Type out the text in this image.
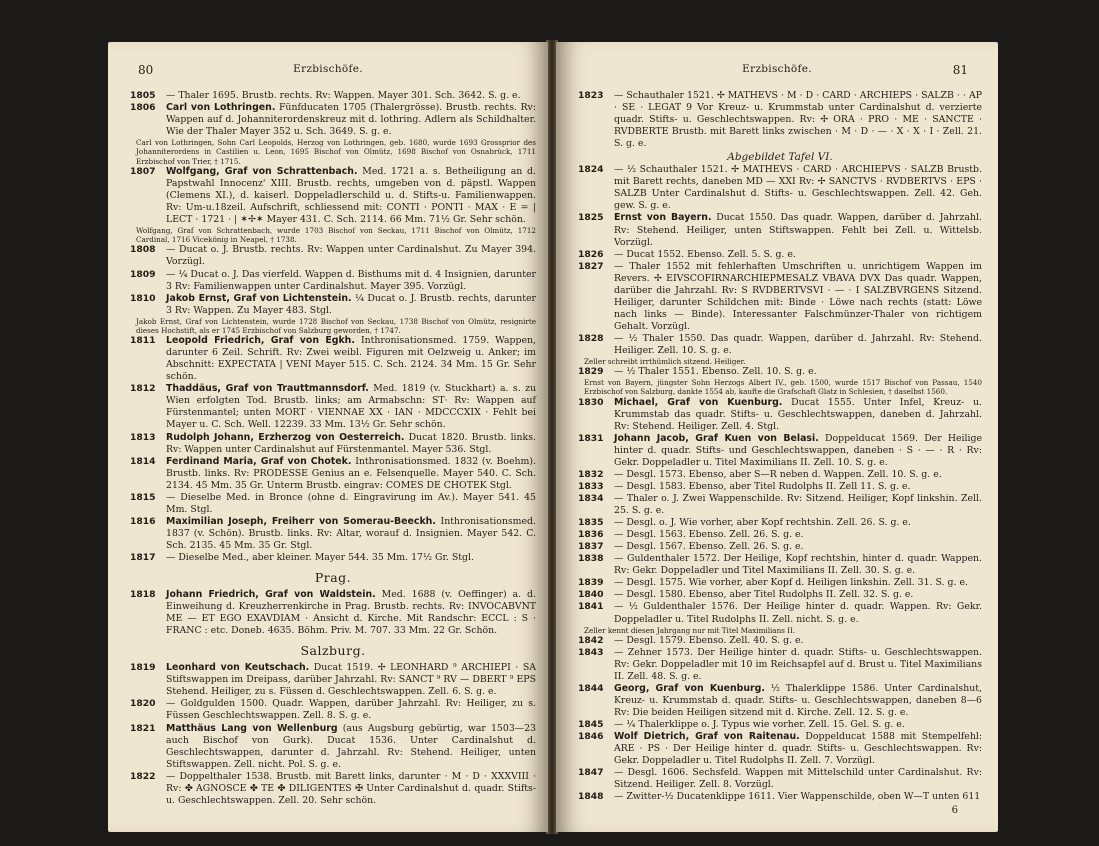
80	Erzbischöfe.
1805 — Thaler 1695. Brustb. rechts. Rv: Wappen. Mayer 301. Sch. 3642. S. g. e.
1806 Carl von Lothringen. Fünfducaten 1705 (Thalergrösse). Brustb. rechts. Rv: Wappen auf d. Johanniterordenskreuz mit d. lothring. Adlern als Schildhalter. Wie der Thaler Mayer 352 u. Sch. 3649. S. g. e.
Carl von Lothringen, Sohn Carl Leopolds, Herzog von Lothringen, geb. 1680, wurde 1693 Grossprior des Johanniterordens in Castilien u. Leon, 1695 Bischof von Olmütz, 1698 Bischof von Osnabrück, 1711 Erzbischof von Trier, † 1715.
1807 Wolfgang, Graf von Schrattenbach. Med. 1721 a. s. Betheiligung an d. Papstwahl Innocenz' XIII. Brustb. rechts, umgeben von d. päpstl. Wappen (Clemens XI.), d. kaiserl. Doppeladlerschild u. d. Stifts-u. Familienwappen. Rv: Um-u.18zeil. Aufschrift, schliessend mit: CONTI · PONTI · MAX · E = | LECT · 1721 · | ✶✢✶ Mayer 431. C. Sch. 2114. 66 Mm. 71½ Gr. Sehr schön.
Wolfgang, Graf von Schrattenbach, wurde 1703 Bischof von Seckau, 1711 Bischof von Olmütz, 1712 Cardinal, 1716 Vicekönig in Neapel, † 1738.
1808 — Ducat o. J. Brustb. rechts. Rv: Wappen unter Cardinalshut. Zu Mayer 394. Vorzügl.
1809 — ¼ Ducat o. J. Das vierfeld. Wappen d. Bisthums mit d. 4 Insignien, darunter 3 Rv: Familienwappen unter Cardinalshut. Mayer 395. Vorzügl.
1810 Jakob Ernst, Graf von Lichtenstein. ¼ Ducat o. J. Brustb. rechts, darunter 3 Rv: Wappen. Zu Mayer 483. Stgl.
Jakob Ernst, Graf von Lichtenstein, wurde 1728 Bischof von Seckau, 1738 Bischof von Olmütz, resignirte dieses Hochstift, als er 1745 Erzbischof von Salzburg geworden, † 1747.
1811 Leopold Friedrich, Graf von Egkh. Inthronisationsmed. 1759. Wappen, darunter 6 Zeil. Schrift. Rv: Zwei weibl. Figuren mit Oelzweig u. Anker; im Abschnitt: EXPECTATA | VENI Mayer 515. C. Sch. 2124. 34 Mm. 15 Gr. Sehr schön.
1812 Thaddäus, Graf von Trauttmannsdorf. Med. 1819 (v. Stuckhart) a. s. zu Wien erfolgten Tod. Brustb. links; am Armabschn: ST· Rv: Wappen auf Fürstenmantel; unten MORT · VIENNAE XX · IAN · MDCCCXIX · Fehlt bei Mayer u. C. Sch. Well. 12239. 33 Mm. 13½ Gr. Sehr schön.
1813 Rudolph Johann, Erzherzog von Oesterreich. Ducat 1820. Brustb. links. Rv: Wappen unter Cardinalshut auf Fürstenmantel. Mayer 536. Stgl.
1814 Ferdinand Maria, Graf von Chotek. Inthronisationsmed. 1832 (v. Boehm). Brustb. links. Rv: PRODESSE Genius an e. Felsenquelle. Mayer 540. C. Sch. 2134. 45 Mm. 35 Gr. Unterm Brustb. eingrav: COMES DE CHOTEK Stgl.
1815 — Dieselbe Med. in Bronce (ohne d. Eingravirung im Av.). Mayer 541. 45 Mm. Stgl.
1816 Maximilian Joseph, Freiherr von Somerau-Beeckh. Inthronisationsmed. 1837 (v. Schön). Brustb. links. Rv: Altar, worauf d. Insignien. Mayer 542. C. Sch. 2135. 45 Mm. 35 Gr. Stgl.
1817 — Dieselbe Med., aber kleiner. Mayer 544. 35 Mm. 17½ Gr. Stgl.
Prag.
1818 Johann Friedrich, Graf von Waldstein. Med. 1688 (v. Oeffinger) a. d. Einweihung d. Kreuzherrenkirche in Prag. Brustb. rechts. Rv: INVOCABVNT ME — ET EGO EXAVDIAM · Ansicht d. Kirche. Mit Randschr: ECCL : S · FRANC : etc. Doneb. 4635. Böhm. Priv. M. 707. 33 Mm. 22 Gr. Schön.
Salzburg.
1819 Leonhard von Keutschach. Ducat 1519. ✢ LEONHARD ⁹ ARCHIEPI · SA Stiftswappen im Dreipass, darüber Jahrzahl. Rv: SANCT ⁹ RV — DBERT ⁹ EPS Stehend. Heiliger, zu s. Füssen d. Geschlechtswappen. Zell. 6. S. g. e.
1820 — Goldgulden 1500. Quadr. Wappen, darüber Jahrzahl. Rv: Heiliger, zu s. Füssen Geschlechtswappen. Zell. 8. S. g. e.
1821 Matthäus Lang von Wellenburg (aus Augsburg gebürtig, war 1503—23 auch Bischof von Gurk). Ducat 1536. Unter Cardinalshut d. Geschlechtswappen, darunter d. Jahrzahl. Rv: Stehend. Heiliger, unten Stiftswappen. Zell. nicht. Pol. S. g. e.
1822 — Doppelthaler 1538. Brustb. mit Barett links, darunter · M · D · XXXVIII · Rv: ✤ AGNOSCE ✤ TE ✤ DILIGENTES ✠ Unter Cardinalshut d. quadr. Stifts-u. Geschlechtswappen. Zell. 20. Sehr schön.
Erzbischöfe.	81
1823 — Schauthaler 1521. ✢ MATHEVS · M · D · CARD · ARCHIEPS · SALZB · · AP · SE · LEGAT 9 Vor Kreuz- u. Krummstab unter Cardinalshut d. verzierte quadr. Stifts- u. Geschlechtswappen. Rv: ✢ ORA · PRO · ME · SANCTE · RVDBERTE Brustb. mit Barett links zwischen · M · D · — · X · X · I · Zell. 21. S. g. e.
Abgebildet Tafel VI.
1824 — ½ Schauthaler 1521. ✢ MATHEVS · CARD · ARCHIEPVS · SALZB Brustb. mit Barett rechts, daneben MD — XXI Rv: ✢ SANCTVS · RVDBERTVS · EPS · SALZB Unter Cardinalshut d. Stifts- u. Geschlechtswappen. Zell. 42. Geh. gew. S. g. e.
1825 Ernst von Bayern. Ducat 1550. Das quadr. Wappen, darüber d. Jahrzahl. Rv: Stehend. Heiliger, unten Stiftswappen. Fehlt bei Zell. u. Wittelsb. Vorzügl.
1826 — Ducat 1552. Ebenso. Zell. 5. S. g. e.
1827 — Thaler 1552 mit fehlerhaften Umschriften u. unrichtigem Wappen im Revers. ✢ EIVSCOFIRNARCHIEPMESALZ VBAVA DVX Das quadr. Wappen, darüber die Jahrzahl. Rv: S RVDBERTVSVI · — · I SALZBVRGENS Sitzend. Heiliger, darunter Schildchen mit: Binde · Löwe nach rechts (statt: Löwe nach links — Binde). Interessanter Falschmünzer-Thaler von richtigem Gehalt. Vorzügl.
1828 — ½ Thaler 1550. Das quadr. Wappen, darüber d. Jahrzahl. Rv: Stehend. Heiliger. Zell. 10. S. g. e.
Zeller schreibt irrthümlich sitzend. Heiliger.
1829 — ½ Thaler 1551. Ebenso. Zell. 10. S. g. e.
Ernst von Bayern, jüngster Sohn Herzogs Albert IV., geb. 1500, wurde 1517 Bischof von Passau, 1540 Erzbischof von Salzburg, dankte 1554 ab, kaufte die Grafschaft Glatz in Schlesien, † daselbst 1560.
1830 Michael, Graf von Kuenburg. Ducat 1555. Unter Infel, Kreuz- u. Krummstab das quadr. Stifts- u. Geschlechtswappen, daneben d. Jahrzahl. Rv: Stehend. Heiliger. Zell. 4. Stgl.
1831 Johann Jacob, Graf Kuen von Belasi. Doppelducat 1569. Der Heilige hinter d. quadr. Stifts- und Geschlechtswappen, daneben · S · — · R · Rv: Gekr. Doppeladler u. Titel Maximilians II. Zell. 10. S. g. e.
1832 — Desgl. 1573. Ebenso, aber S—R neben d. Wappen. Zell. 10. S. g. e.
1833 — Desgl. 1583. Ebenso, aber Titel Rudolphs II. Zell 11. S. g. e.
1834 — Thaler o. J. Zwei Wappenschilde. Rv: Sitzend. Heiliger, Kopf linkshin. Zell. 25. S. g. e.
1835 — Desgl. o. J. Wie vorher, aber Kopf rechtshin. Zell. 26. S. g. e.
1836 — Desgl. 1563. Ebenso. Zell. 26. S. g. e.
1837 — Desgl. 1567. Ebenso. Zell. 26. S. g. e.
1838 — Guldenthaler 1572. Der Heilige, Kopf rechtshin, hinter d. quadr. Wappen. Rv: Gekr. Doppeladler und Titel Maximilians II. Zell. 30. S. g. e.
1839 — Desgl. 1575. Wie vorher, aber Kopf d. Heiligen linkshin. Zell. 31. S. g. e.
1840 — Desgl. 1580. Ebenso, aber Titel Rudolphs II. Zell. 32. S. g. e.
1841 — ½ Guldenthaler 1576. Der Heilige hinter d. quadr. Wappen. Rv: Gekr. Doppeladler u. Titel Rudolphs II. Zell. nicht. S. g. e.
Zeller kennt diesen Jahrgang nur mit Titel Maximilians II.
1842 — Desgl. 1579. Ebenso. Zell. 40. S. g. e.
1843 — Zehner 1573. Der Heilige hinter d. quadr. Stifts- u. Geschlechtswappen. Rv: Gekr. Doppeladler mit 10 im Reichsapfel auf d. Brust u. Titel Maximilians II. Zell. 48. S. g. e.
1844 Georg, Graf von Kuenburg. ½ Thalerklippe 1586. Unter Cardinalshut, Kreuz- u. Krummstab d. quadr. Stifts- u. Geschlechtswappen, daneben 8—6 Rv: Die beiden Heiligen sitzend mit d. Kirche. Zell. 12. S. g. e.
1845 — ¼ Thalerklippe o. J. Typus wie vorher. Zell. 15. Gel. S. g. e.
1846 Wolf Dietrich, Graf von Raitenau. Doppelducat 1588 mit Stempelfehl: ARE · PS · Der Heilige hinter d. quadr. Stifts- u. Geschlechtswappen. Rv: Gekr. Doppeladler u. Titel Rudolphs II. Zell. 7. Vorzügl.
1847 — Desgl. 1606. Sechsfeld. Wappen mit Mittelschild unter Cardinalshut. Rv: Sitzend. Heiliger. Zell. 8. Vorzügl.
1848 — Zwitter-½ Ducatenklippe 1611. Vier Wappenschilde, oben W—T unten 611
6
